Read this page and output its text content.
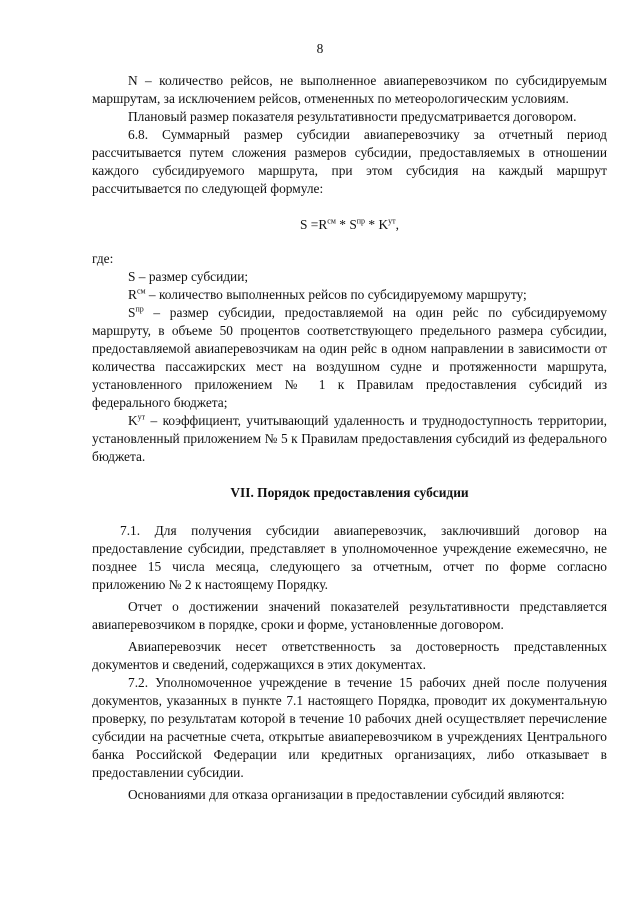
8

N – количество рейсов, не выполненное авиаперевозчиком по субсидируемым маршрутам, за исключением рейсов, отмененных по метеорологическим условиям.

Плановый размер показателя результативности предусматривается договором.

6.8. Суммарный размер субсидии авиаперевозчику за отчетный период рассчитывается путем сложения размеров субсидии, предоставляемых в отношении каждого субсидируемого маршрута, при этом субсидия на каждый маршрут рассчитывается по следующей формуле:

$S =R^{см} * S^{пр} * K^{ут}$,

где:

S – размер субсидии;

$R^{см}$ – количество выполненных рейсов по субсидируемому маршруту;

$S^{пр}$ – размер субсидии, предоставляемой на один рейс по субсидируемому маршруту, в объеме 50 процентов соответствующего предельного размера субсидии, предоставляемой авиаперевозчикам на один рейс в одном направлении в зависимости от количества пассажирских мест на воздушном судне и протяженности маршрута, установленного приложением № 1 к Правилам предоставления субсидий из федерального бюджета;

$K^{ут}$ – коэффициент, учитывающий удаленность и труднодоступность территории, установленный приложением № 5 к Правилам предоставления субсидий из федерального бюджета.

VII. Порядок предоставления субсидии

7.1. Для получения субсидии авиаперевозчик, заключивший договор на предоставление субсидии, представляет в уполномоченное учреждение ежемесячно, не позднее 15 числа месяца, следующего за отчетным, отчет по форме согласно приложению № 2 к настоящему Порядку.

Отчет о достижении значений показателей результативности представляется авиаперевозчиком в порядке, сроки и форме, установленные договором.

Авиаперевозчик несет ответственность за достоверность представленных документов и сведений, содержащихся в этих документах.

7.2. Уполномоченное учреждение в течение 15 рабочих дней после получения документов, указанных в пункте 7.1 настоящего Порядка, проводит их документальную проверку, по результатам которой в течение 10 рабочих дней осуществляет перечисление субсидии на расчетные счета, открытые авиаперевозчиком в учреждениях Центрального банка Российской Федерации или кредитных организациях, либо отказывает в предоставлении субсидии.

Основаниями для отказа организации в предоставлении субсидий являются:
